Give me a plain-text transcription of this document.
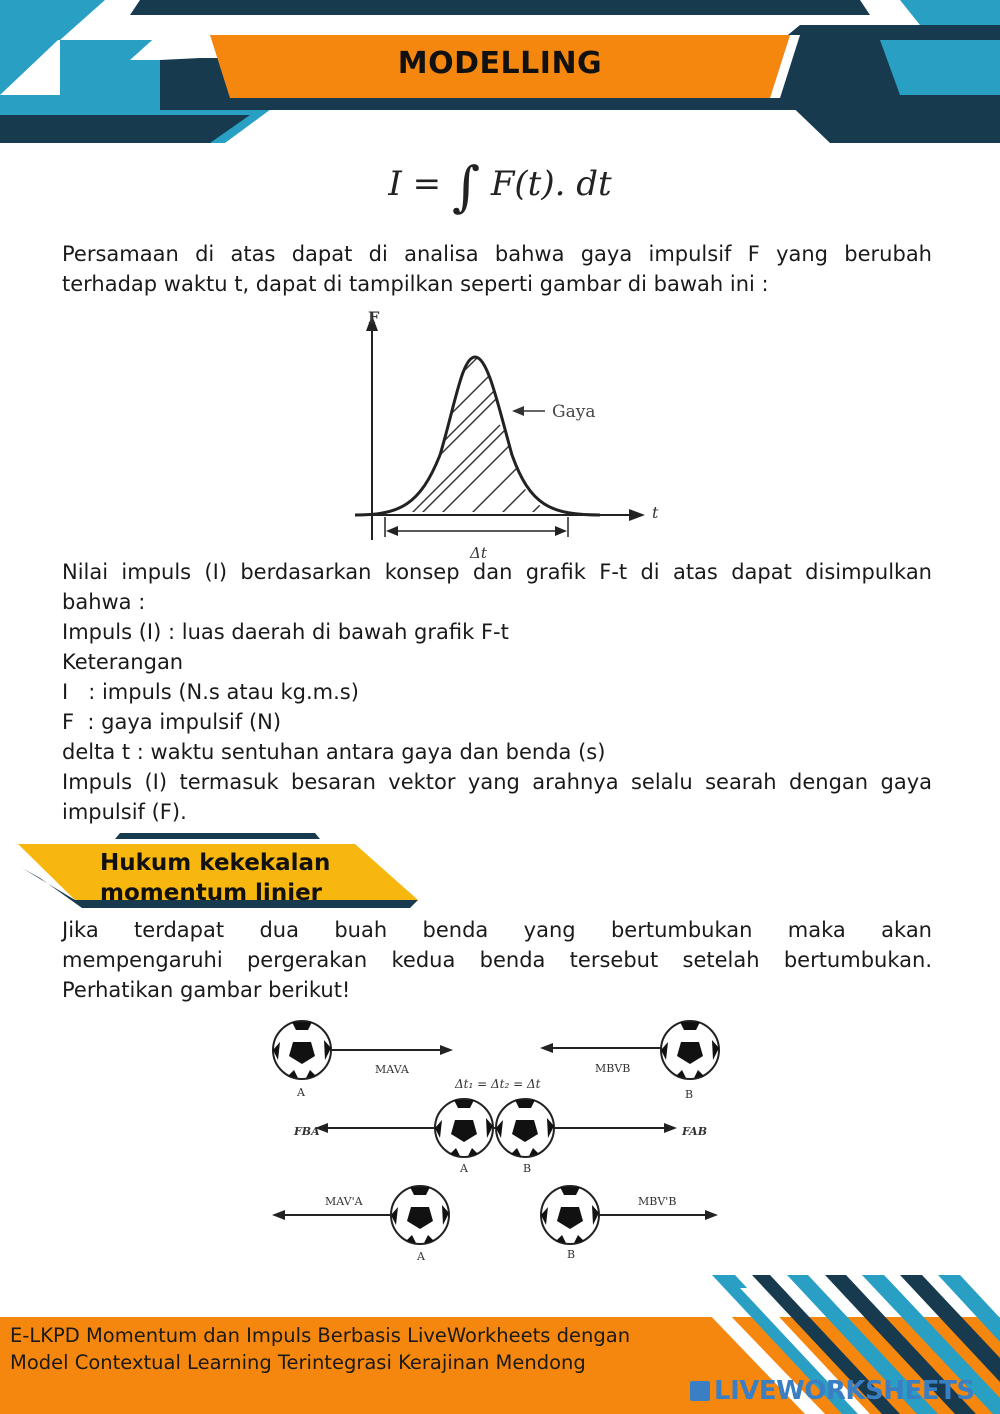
MODELLING
I = ∫ F(t). dt
Persamaan di atas dapat di analisa bahwa gaya impulsif F yang berubah
terhadap waktu t, dapat di tampilkan seperti gambar di bawah ini :
F
t
Gaya
Δt
Nilai impuls (I) berdasarkan konsep dan grafik F-t di atas dapat disimpulkan
bahwa :
Impuls (I) : luas daerah di bawah grafik F-t
Keterangan
I   : impuls (N.s atau kg.m.s)
F  : gaya impulsif (N)
delta t : waktu sentuhan antara gaya dan benda (s)
Impuls (I) termasuk besaran vektor yang arahnya selalu searah dengan gaya
impulsif (F).
Hukum kekekalan
momentum linier
Jika terdapat dua buah benda yang bertumbukan maka akan
mempengaruhi pergerakan kedua benda tersebut setelah bertumbukan.
Perhatikan gambar berikut!
MAVA	MBVB
A	B
Δt₁ = Δt₂ = Δt
FBA	FAB
A	B
MAV'A	MBV'B
A	B
E-LKPD Momentum dan Impuls Berbasis LiveWorkheets dengan
Model Contextual Learning Terintegrasi Kerajinan Mendong
LIVEWORKSHEETS
